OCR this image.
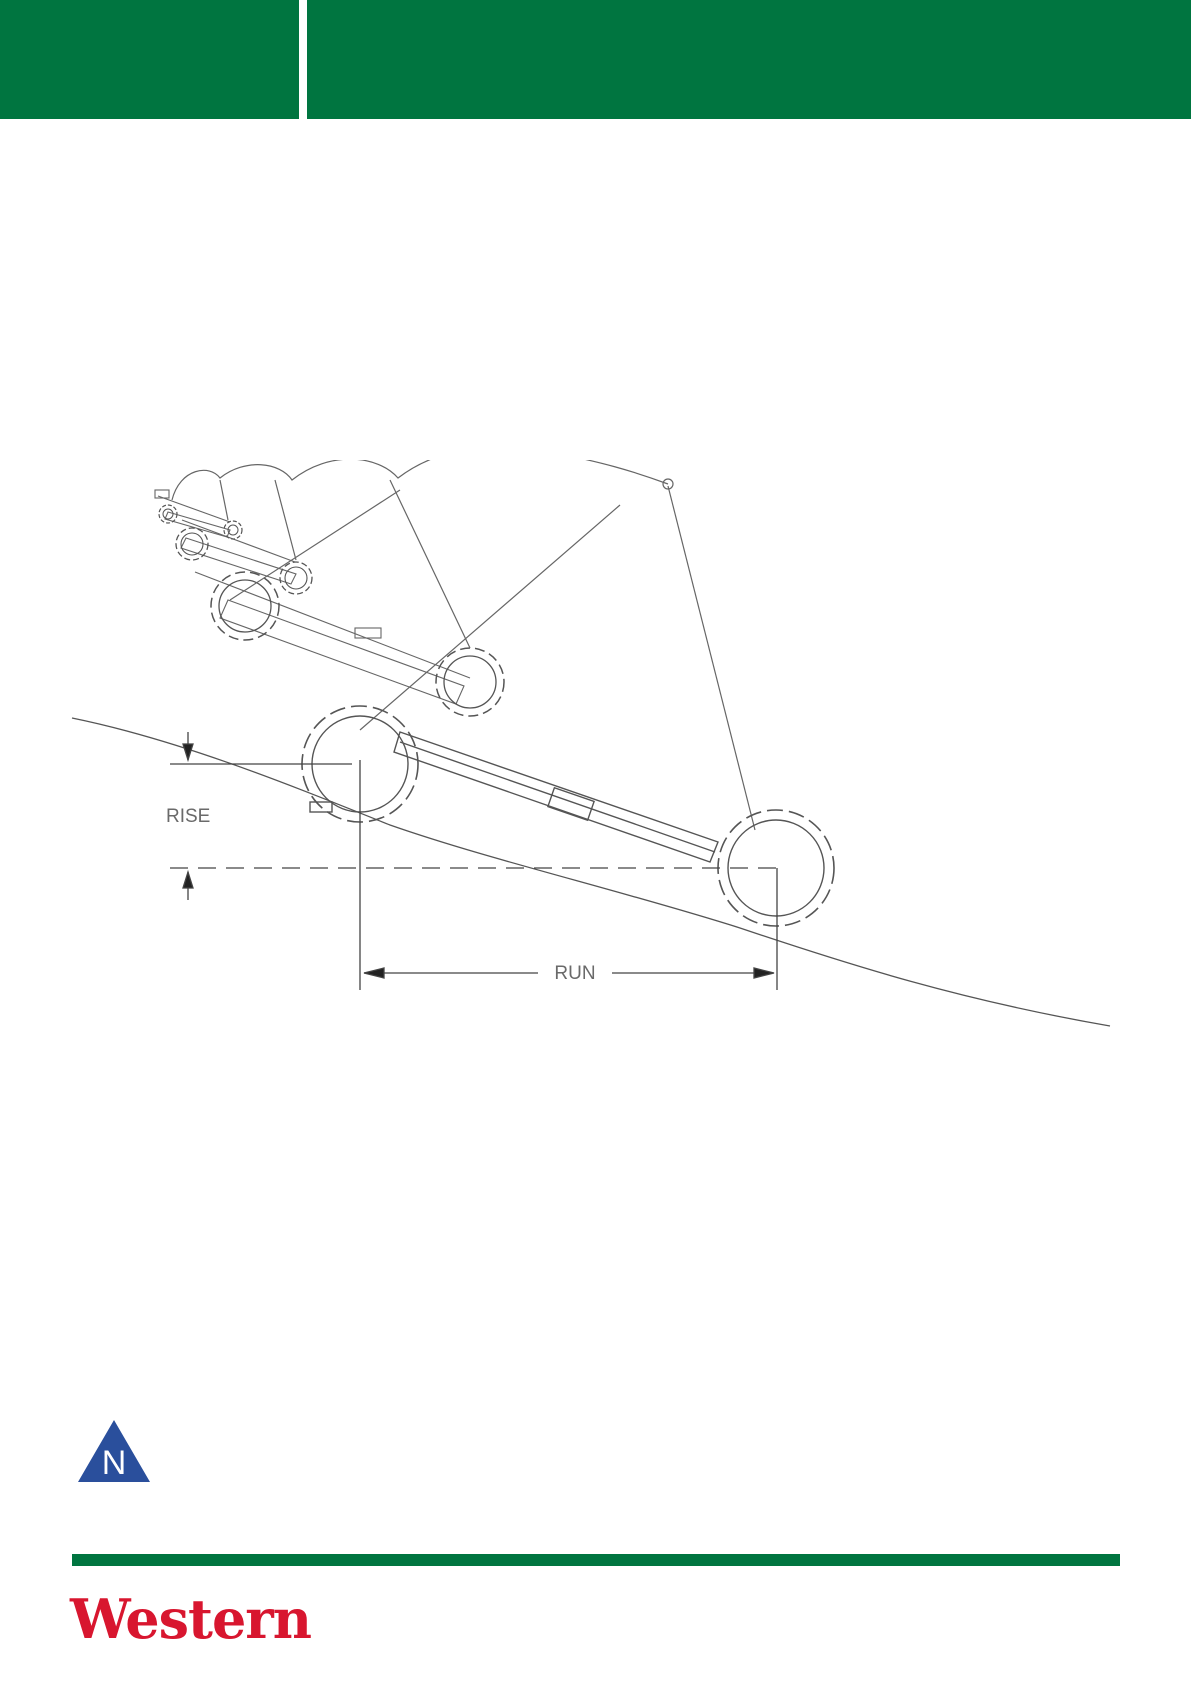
RISE
RUN
N
Western
